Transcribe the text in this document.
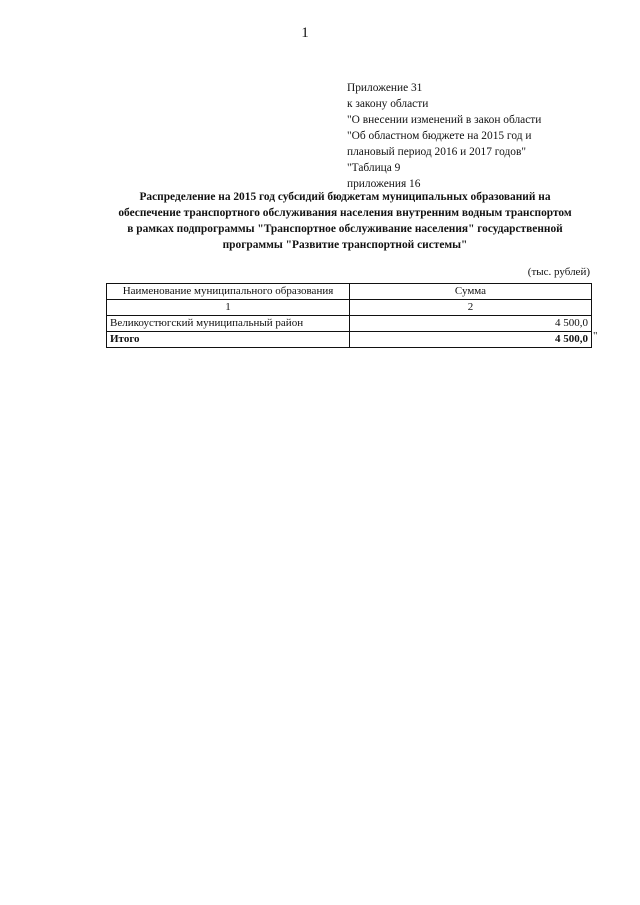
1
Приложение 31
к закону области
"О внесении изменений в закон области
"Об областном бюджете на 2015 год и
плановый период 2016 и 2017 годов"
"Таблица 9
приложения 16
Распределение на 2015 год субсидий бюджетам муниципальных образований на
обеспечение транспортного обслуживания населения внутренним водным транспортом
в рамках подпрограммы "Транспортное обслуживание населения" государственной
программы "Развитие транспортной системы"
(тыс. рублей)
Наименование муниципального образования	Сумма
1	2
Великоустюгский муниципальный район	4 500,0
Итого	4 500,0 "
